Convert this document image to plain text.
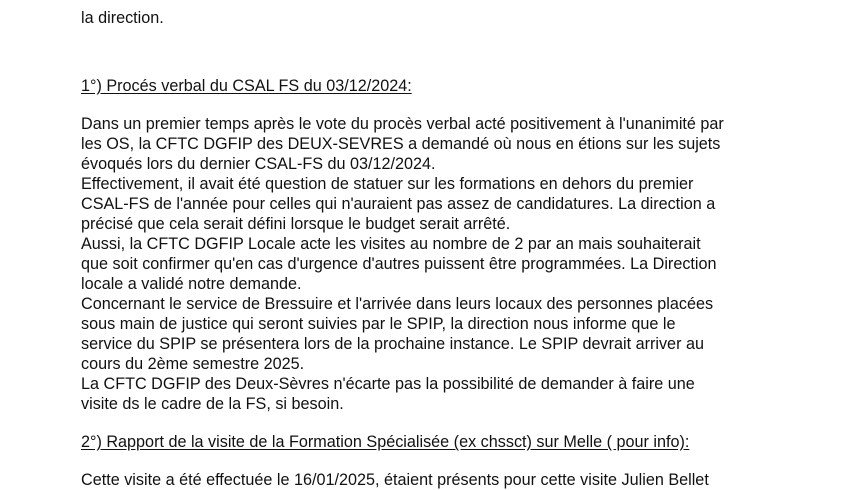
la direction.
1°) Procés verbal du CSAL FS du 03/12/2024:
Dans un premier temps après le vote du procès verbal acté positivement à l'unanimité par
les OS, la CFTC DGFIP des DEUX-SEVRES a demandé où nous en étions sur les sujets
évoqués lors du dernier CSAL-FS du 03/12/2024.
Effectivement, il avait été question de statuer sur les formations en dehors du premier
CSAL-FS de l'année pour celles qui n'auraient pas assez de candidatures. La direction a
précisé que cela serait défini lorsque le budget serait arrêté.
Aussi, la CFTC DGFIP Locale acte les visites au nombre de 2 par an mais souhaiterait
que soit confirmer qu'en cas d'urgence d'autres puissent être programmées. La Direction
locale a validé notre demande.
Concernant le service de Bressuire et l'arrivée dans leurs locaux des personnes placées
sous main de justice qui seront suivies par le SPIP, la direction nous informe que le
service du SPIP se présentera lors de la prochaine instance. Le SPIP devrait arriver au
cours du 2ème semestre 2025.
La CFTC DGFIP des Deux-Sèvres n'écarte pas la possibilité de demander à faire une
visite ds le cadre de la FS, si besoin.
2°) Rapport de la visite de la Formation Spécialisée (ex chssct) sur Melle ( pour info):
Cette visite a été effectuée le 16/01/2025, étaient présents pour cette visite Julien Bellet
